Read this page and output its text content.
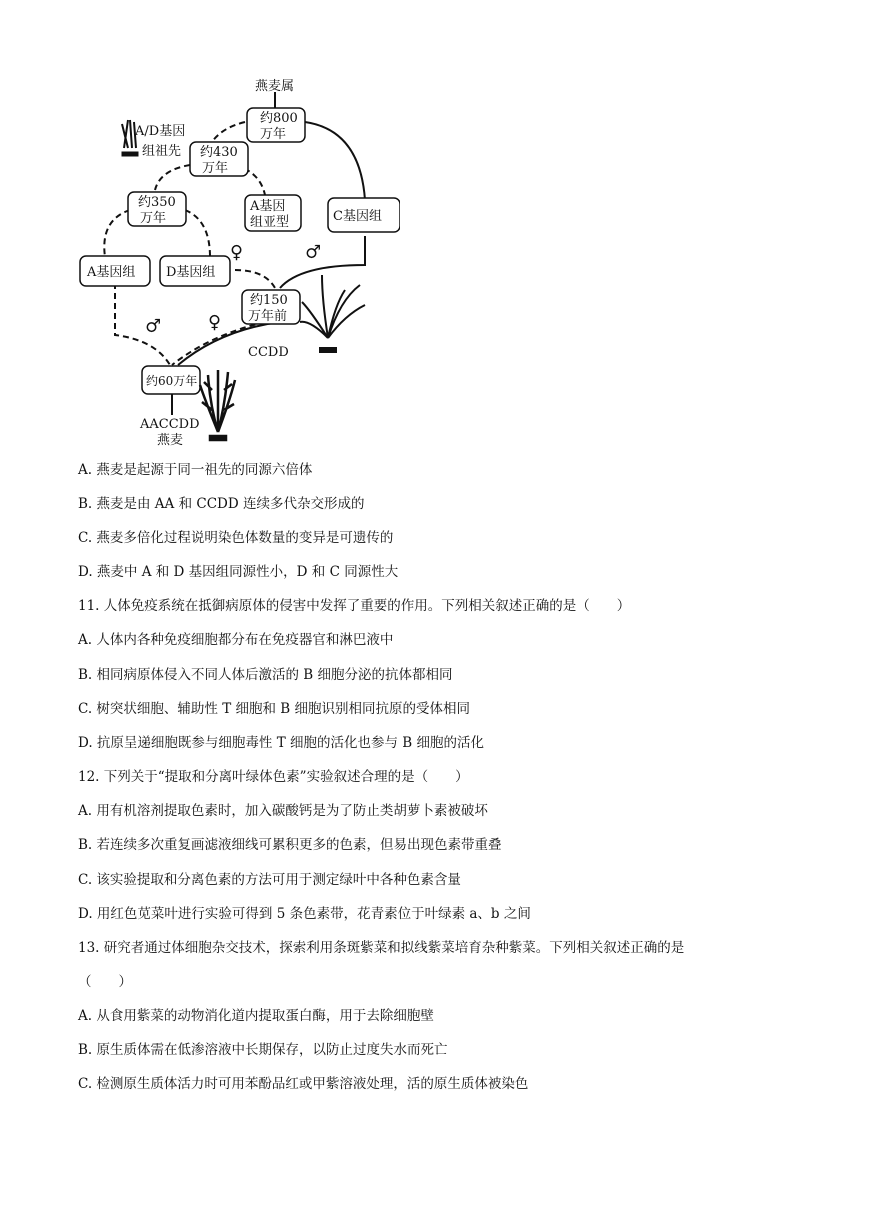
燕麦属
约800
万年
A/D基因
组祖先 约430
万年
约350
万年
A基因
组亚型	C基因组
A基因组 D基因组
约150
万年前
CCDD
约60万年
AACCDD
燕麦
♀	♂
♂	♀
A. 燕麦是起源于同一祖先的同源六倍体
B. 燕麦是由 AA 和 CCDD 连续多代杂交形成的
C. 燕麦多倍化过程说明染色体数量的变异是可遗传的
D. 燕麦中 A 和 D 基因组同源性小，D 和 C 同源性大
11. 人体免疫系统在抵御病原体的侵害中发挥了重要的作用。下列相关叙述正确的是（　　）
A. 人体内各种免疫细胞都分布在免疫器官和淋巴液中
B. 相同病原体侵入不同人体后激活的 B 细胞分泌的抗体都相同
C. 树突状细胞、辅助性 T 细胞和 B 细胞识别相同抗原的受体相同
D. 抗原呈递细胞既参与细胞毒性 T 细胞的活化也参与 B 细胞的活化
12. 下列关于“提取和分离叶绿体色素”实验叙述合理的是（　　）
A. 用有机溶剂提取色素时，加入碳酸钙是为了防止类胡萝卜素被破坏
B. 若连续多次重复画滤液细线可累积更多的色素，但易出现色素带重叠
C. 该实验提取和分离色素的方法可用于测定绿叶中各种色素含量
D. 用红色苋菜叶进行实验可得到 5 条色素带，花青素位于叶绿素 a、b 之间
13. 研究者通过体细胞杂交技术，探索利用条斑紫菜和拟线紫菜培育杂种紫菜。下列相关叙述正确的是
（　　）
A. 从食用紫菜的动物消化道内提取蛋白酶，用于去除细胞壁
B. 原生质体需在低渗溶液中长期保存，以防止过度失水而死亡
C. 检测原生质体活力时可用苯酚品红或甲紫溶液处理，活的原生质体被染色
